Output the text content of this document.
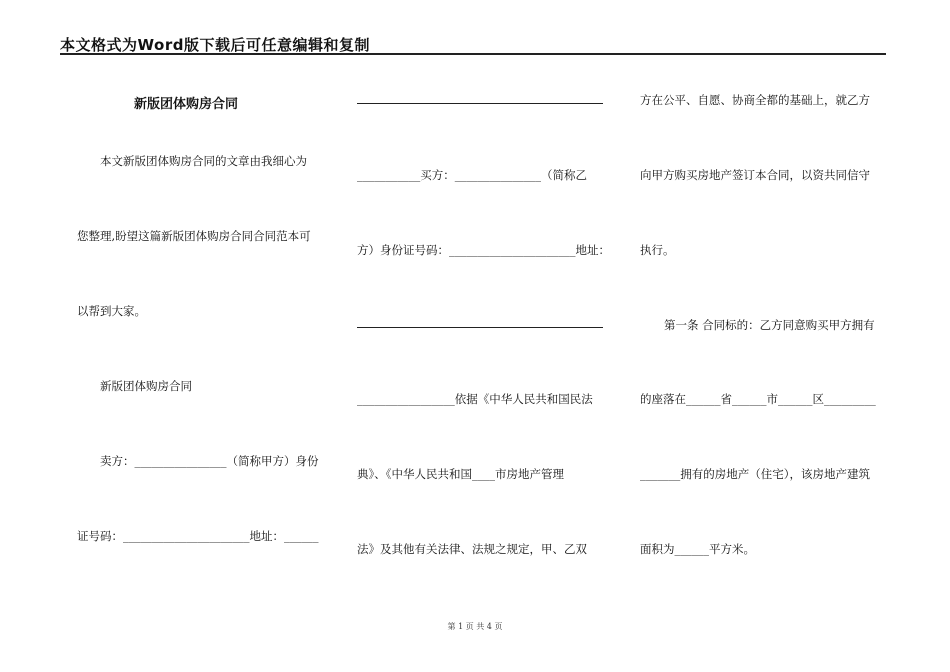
本文格式为Word版下载后可任意编辑和复制
新版团体购房合同
本文新版团体购房合同的文章由我细心为
您整理,盼望这篇新版团体购房合同合同范本可
以帮到大家。
新版团体购房合同
卖方：________________（简称甲方）身份
证号码：______________________地址：______
___________买方：_______________（简称乙
方）身份证号码：______________________地址：
_________________依据《中华人民共和国民法
典》、《中华人民共和国____市房地产管理
法》及其他有关法律、法规之规定，甲、乙双
方在公平、自愿、协商全都的基础上，就乙方
向甲方购买房地产签订本合同，以资共同信守
执行。
第一条 合同标的：乙方同意购买甲方拥有
的座落在______省______市______区_________
_______拥有的房地产（住宅），该房地产建筑
面积为______平方米。
第 1 页 共 4 页
